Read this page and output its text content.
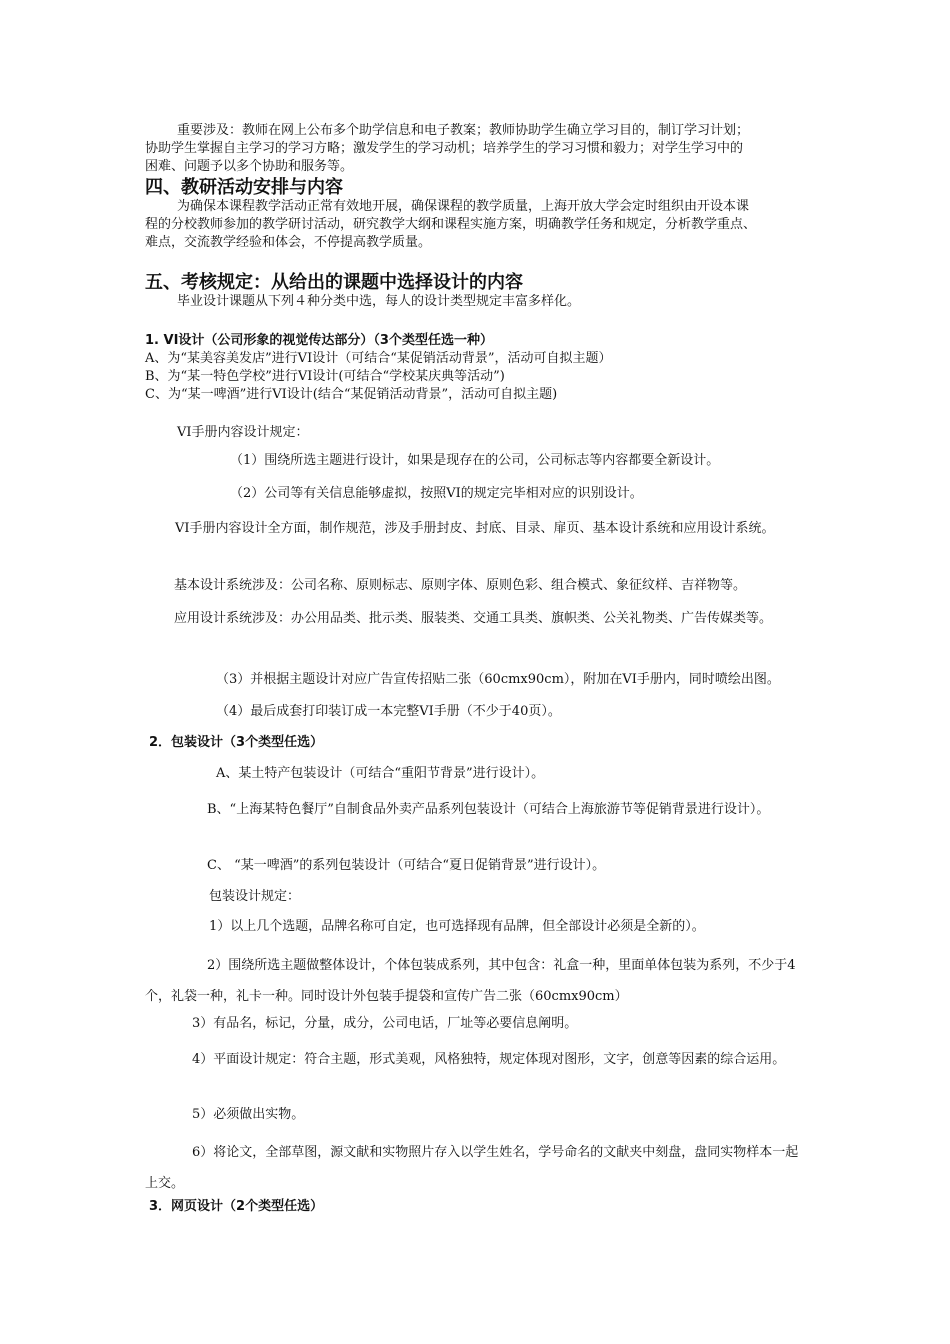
重要涉及：教师在网上公布多个助学信息和电子教案；教师协助学生确立学习目的，制订学习计划；
协助学生掌握自主学习的学习方略；激发学生的学习动机；培养学生的学习习惯和毅力；对学生学习中的
困难、问题予以多个协助和服务等。
四、教研活动安排与内容
为确保本课程教学活动正常有效地开展，确保课程的教学质量，上海开放大学会定时组织由开设本课
程的分校教师参加的教学研讨活动，研究教学大纲和课程实施方案，明确教学任务和规定，分析教学重点、
难点，交流教学经验和体会，不停提高教学质量。
五、考核规定：从给出的课题中选择设计的内容
毕业设计课题从下列４种分类中选，每人的设计类型规定丰富多样化。
1. VI设计（公司形象的视觉传达部分）（3个类型任选一种）
A、为“某美容美发店”进行VI设计（可结合“某促销活动背景”，活动可自拟主题）
B、为“某一特色学校”进行VI设计(可结合“学校某庆典等活动”)
C、为“某一啤酒”进行VI设计(结合“某促销活动背景”，活动可自拟主题)
VI手册内容设计规定：
（1）围绕所选主题进行设计，如果是现存在的公司，公司标志等内容都要全新设计。
（2）公司等有关信息能够虚拟，按照VI的规定完毕相对应的识别设计。
VI手册内容设计全方面，制作规范，涉及手册封皮、封底、目录、扉页、基本设计系统和应用设计系统。
基本设计系统涉及：公司名称、原则标志、原则字体、原则色彩、组合模式、象征纹样、吉祥物等。
应用设计系统涉及：办公用品类、批示类、服装类、交通工具类、旗帜类、公关礼物类、广告传媒类等。
（3）并根据主题设计对应广告宣传招贴二张（60cmx90cm），附加在VI手册内，同时喷绘出图。
（4）最后成套打印装订成一本完整VI手册（不少于40页）。
2．包装设计（3个类型任选）
A、某土特产包装设计（可结合“重阳节背景”进行设计）。
B、“上海某特色餐厅”自制食品外卖产品系列包装设计（可结合上海旅游节等促销背景进行设计）。
C、 “某一啤酒”的系列包装设计（可结合“夏日促销背景”进行设计）。
包装设计规定：
1）以上几个选题，品牌名称可自定，也可选择现有品牌，但全部设计必须是全新的）。
2）围绕所选主题做整体设计，个体包装成系列，其中包含：礼盒一种，里面单体包装为系列，不少于4个，礼袋一种，礼卡一种。同时设计外包装手提袋和宣传广告二张（60cmx90cm）
3）有品名，标记，分量，成分，公司电话，厂址等必要信息阐明。
4）平面设计规定：符合主题，形式美观，风格独特，规定体现对图形，文字，创意等因素的综合运用。
5）必须做出实物。
6）将论文，全部草图，源文献和实物照片存入以学生姓名，学号命名的文献夹中刻盘，盘同实物样本一起上交。
3．网页设计（2个类型任选）
